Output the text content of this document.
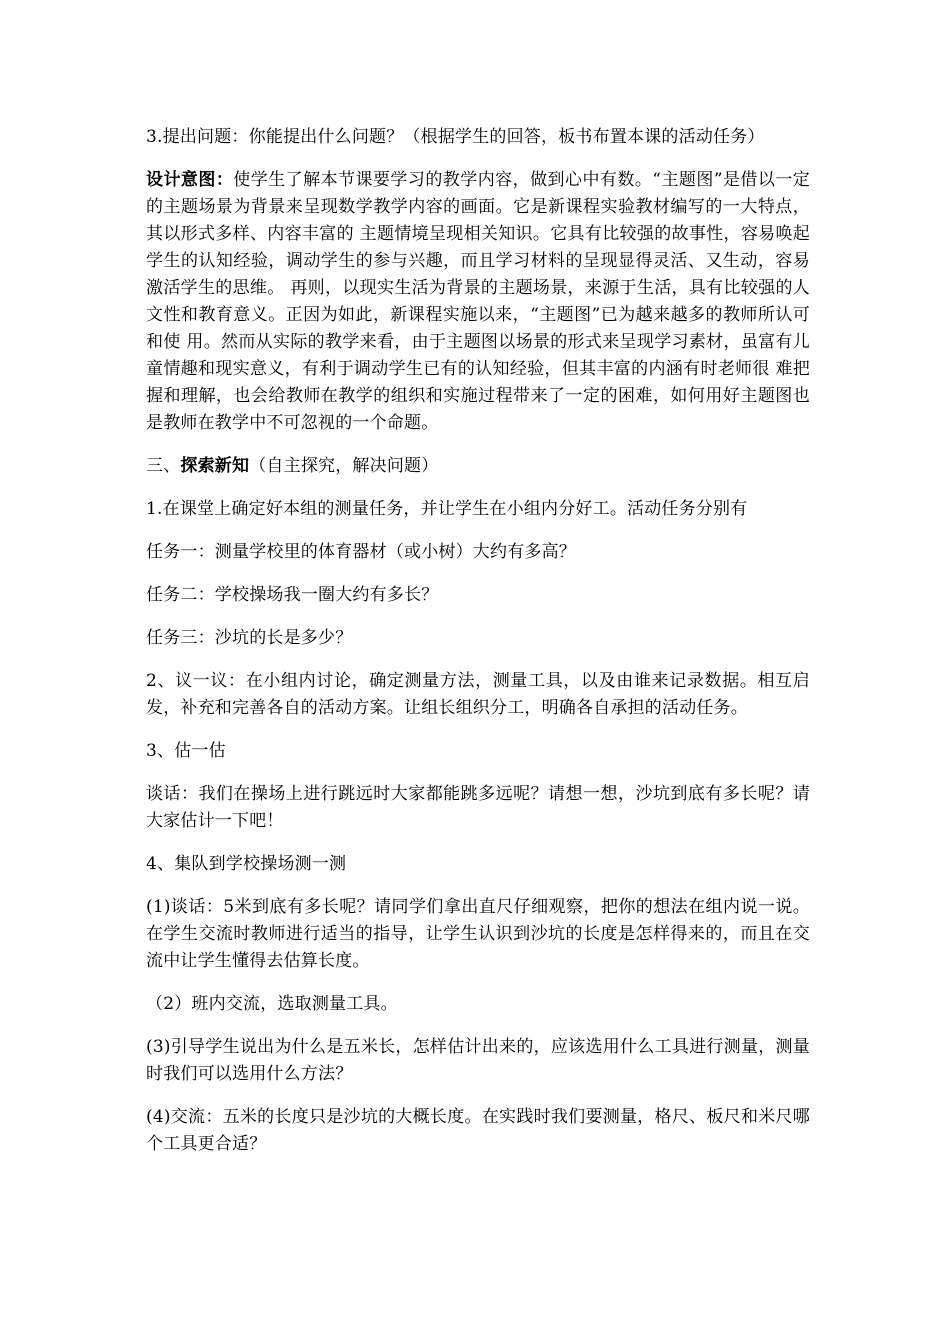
3.提出问题：你能提出什么问题？（根据学生的回答，板书布置本课的活动任务）

设计意图：使学生了解本节课要学习的教学内容，做到心中有数。“主题图”是借以一定的主题场景为背景来呈现数学教学内容的画面。它是新课程实验教材编写的一大特点，其以形式多样、内容丰富的 主题情境呈现相关知识。它具有比较强的故事性，容易唤起学生的认知经验，调动学生的参与兴趣，而且学习材料的呈现显得灵活、又生动，容易激活学生的思维。 再则，以现实生活为背景的主题场景，来源于生活，具有比较强的人文性和教育意义。正因为如此，新课程实施以来，“主题图”已为越来越多的教师所认可和使 用。然而从实际的教学来看，由于主题图以场景的形式来呈现学习素材，虽富有儿童情趣和现实意义，有利于调动学生已有的认知经验，但其丰富的内涵有时老师很 难把握和理解，也会给教师在教学的组织和实施过程带来了一定的困难，如何用好主题图也是教师在教学中不可忽视的一个命题。

三、探索新知（自主探究，解决问题）

1.在课堂上确定好本组的测量任务，并让学生在小组内分好工。活动任务分别有

任务一：测量学校里的体育器材（或小树）大约有多高？

任务二：学校操场我一圈大约有多长？

任务三：沙坑的长是多少？

2、议一议：在小组内讨论，确定测量方法，测量工具，以及由谁来记录数据。相互启发，补充和完善各自的活动方案。让组长组织分工，明确各自承担的活动任务。

3、估一估

谈话：我们在操场上进行跳远时大家都能跳多远呢？请想一想，沙坑到底有多长呢？请大家估计一下吧！

4、集队到学校操场测一测

(1)谈话：5米到底有多长呢？请同学们拿出直尺仔细观察，把你的想法在组内说一说。在学生交流时教师进行适当的指导，让学生认识到沙坑的长度是怎样得来的，而且在交流中让学生懂得去估算长度。

（2）班内交流，选取测量工具。

(3)引导学生说出为什么是五米长，怎样估计出来的，应该选用什么工具进行测量，测量时我们可以选用什么方法？

(4)交流：五米的长度只是沙坑的大概长度。在实践时我们要测量，格尺、板尺和米尺哪个工具更合适？
